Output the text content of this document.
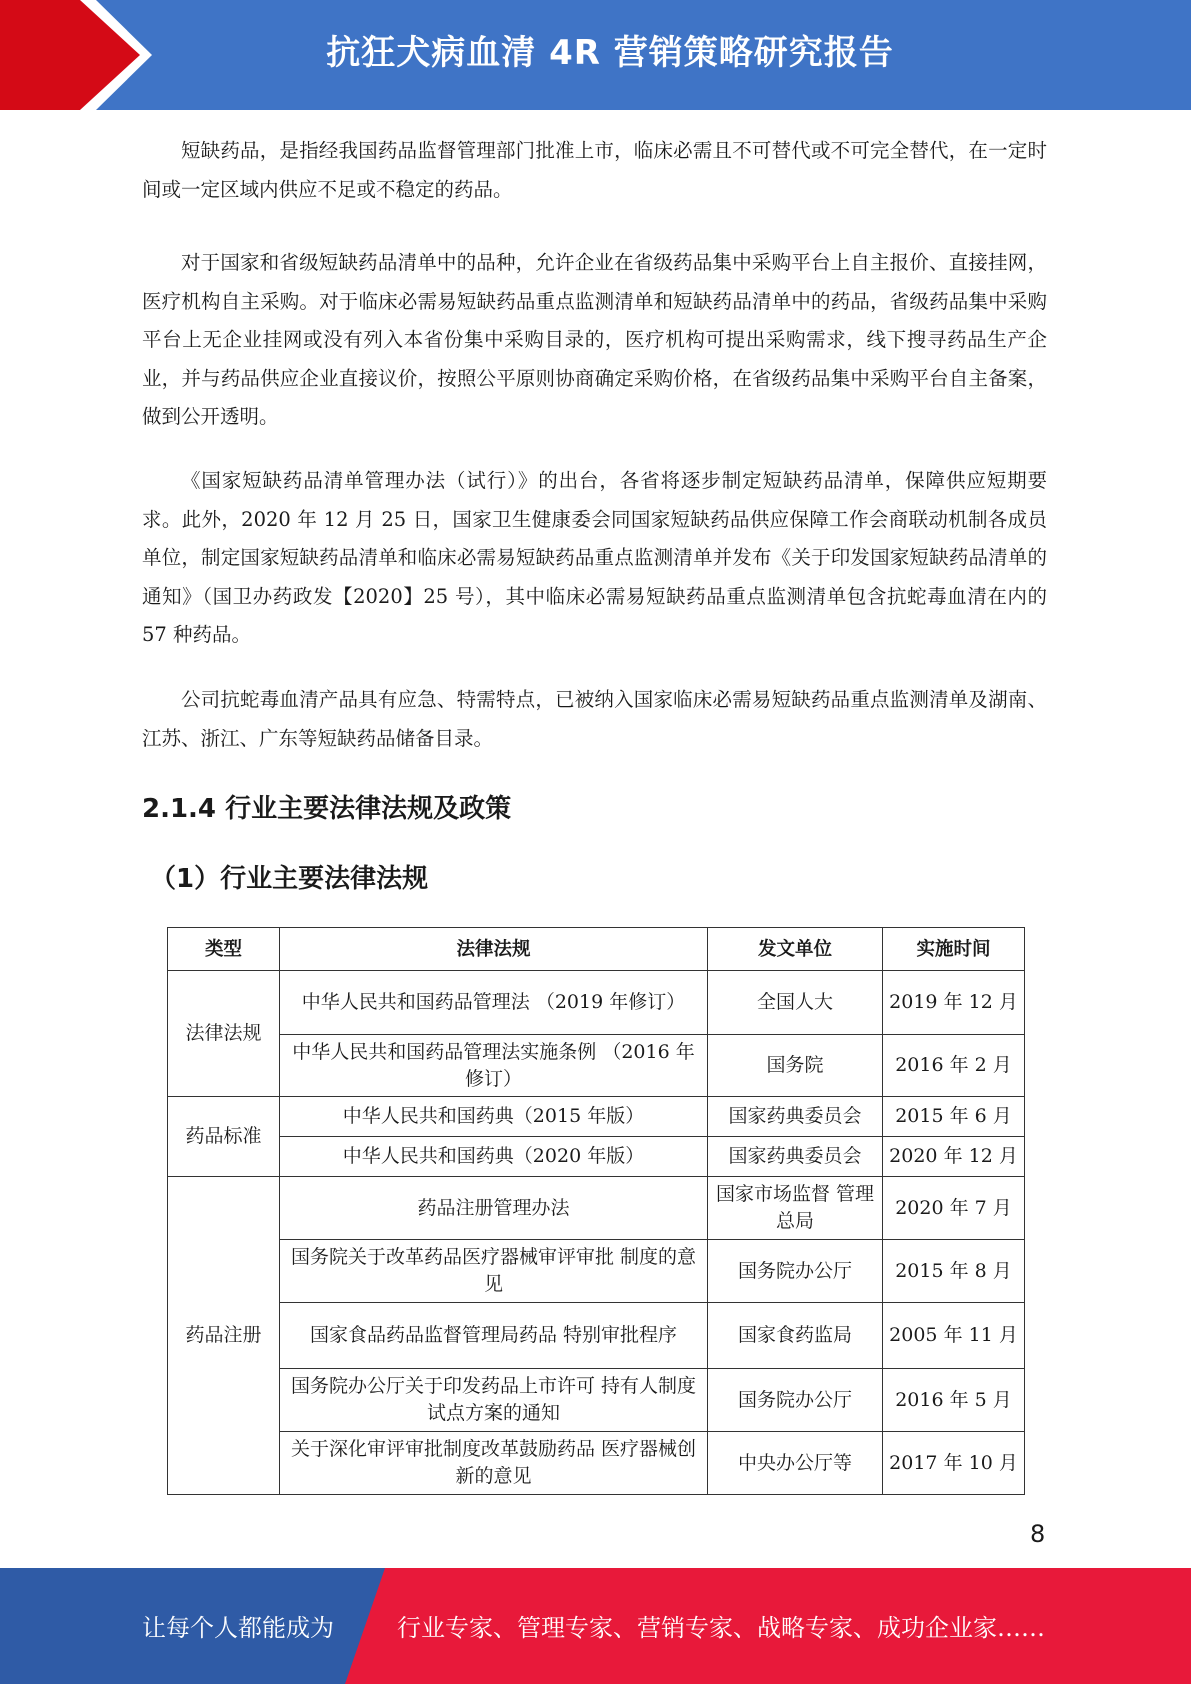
抗狂犬病血清 4R 营销策略研究报告

短缺药品，是指经我国药品监督管理部门批准上市，临床必需且不可替代或不可完全替代，在一定时间或一定区域内供应不足或不稳定的药品。

对于国家和省级短缺药品清单中的品种，允许企业在省级药品集中采购平台上自主报价、直接挂网，医疗机构自主采购。对于临床必需易短缺药品重点监测清单和短缺药品清单中的药品，省级药品集中采购平台上无企业挂网或没有列入本省份集中采购目录的，医疗机构可提出采购需求，线下搜寻药品生产企业，并与药品供应企业直接议价，按照公平原则协商确定采购价格，在省级药品集中采购平台自主备案，做到公开透明。

《国家短缺药品清单管理办法（试行）》的出台，各省将逐步制定短缺药品清单，保障供应短期要求。此外，2020 年 12 月 25 日，国家卫生健康委会同国家短缺药品供应保障工作会商联动机制各成员单位，制定国家短缺药品清单和临床必需易短缺药品重点监测清单并发布《关于印发国家短缺药品清单的通知》（国卫办药政发【2020】25 号），其中临床必需易短缺药品重点监测清单包含抗蛇毒血清在内的 57 种药品。

公司抗蛇毒血清产品具有应急、特需特点，已被纳入国家临床必需易短缺药品重点监测清单及湖南、江苏、浙江、广东等短缺药品储备目录。

2.1.4 行业主要法律法规及政策
（1）行业主要法律法规
类型	法律法规	发文单位	实施时间
法律法规	中华人民共和国药品管理法 （2019 年修订）	全国人大	2019 年 12 月
	中华人民共和国药品管理法实施条例 （2016 年修订）	国务院	2016 年 2 月
药品标准	中华人民共和国药典（2015 年版）	国家药典委员会	2015 年 6 月
	中华人民共和国药典（2020 年版）	国家药典委员会	2020 年 12 月
药品注册	药品注册管理办法	国家市场监督 管理总局	2020 年 7 月
	国务院关于改革药品医疗器械审评审批 制度的意见	国务院办公厅	2015 年 8 月
	国家食品药品监督管理局药品 特别审批程序	国家食药监局	2005 年 11 月
	国务院办公厅关于印发药品上市许可 持有人制度试点方案的通知	国务院办公厅	2016 年 5 月
	关于深化审评审批制度改革鼓励药品 医疗器械创新的意见	中央办公厅等	2017 年 10 月
8
让每个人都能成为	行业专家、管理专家、营销专家、战略专家、成功企业家……
